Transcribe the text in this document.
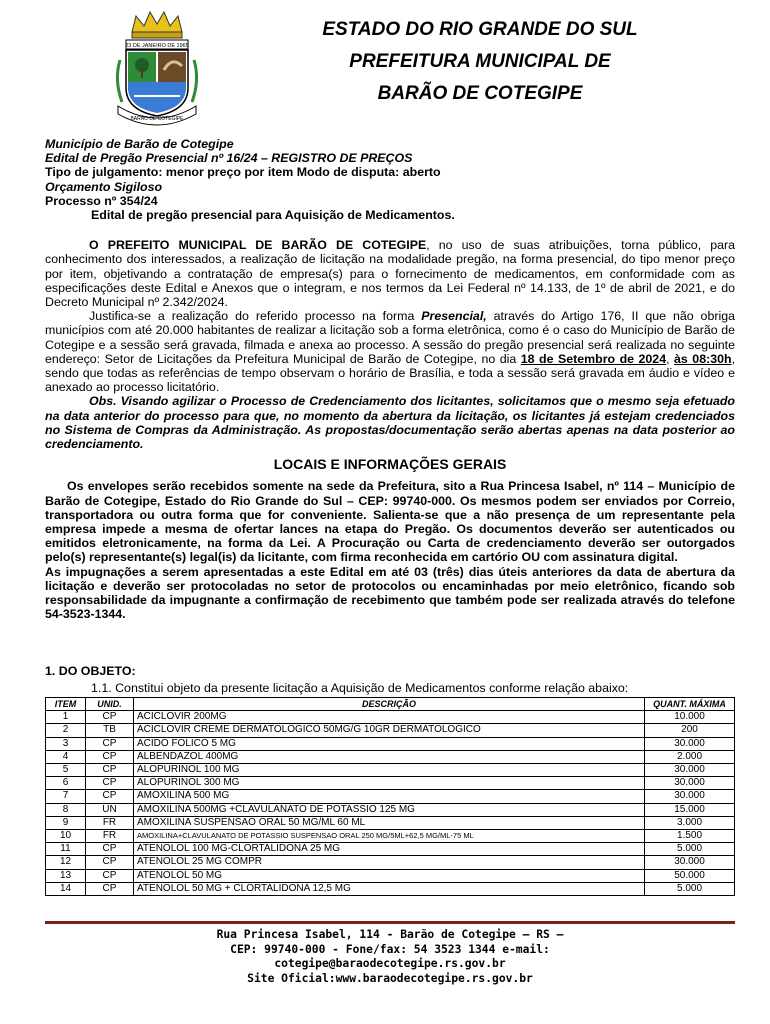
23 DE JANEIRO DE 1965
BARÃO DE COTEGIPE
ESTADO DO RIO GRANDE DO SUL
PREFEITURA MUNICIPAL DE
BARÃO DE COTEGIPE
Município de Barão de Cotegipe
Edital de Pregão Presencial nº 16/24 – REGISTRO DE PREÇOS
Tipo de julgamento: menor preço por item Modo de disputa: aberto
Orçamento Sigiloso
Processo nº 354/24
Edital de pregão presencial para Aquisição de Medicamentos.

O PREFEITO MUNICIPAL DE BARÃO DE COTEGIPE, no uso de suas atribuições, torna público, para conhecimento dos interessados, a realização de licitação na modalidade pregão, na forma presencial, do tipo menor preço por item, objetivando a contratação de empresa(s) para o fornecimento de medicamentos, em conformidade com as especificações deste Edital e Anexos que o integram, e nos termos da Lei Federal nº 14.133, de 1º de abril de 2021, e do Decreto Municipal nº 2.342/2024.

Justifica-se a realização do referido processo na forma Presencial, através do Artigo 176, II que não obriga municípios com até 20.000 habitantes de realizar a licitação sob a forma eletrônica, como é o caso do Município de Barão de Cotegipe e a sessão será gravada, filmada e anexa ao processo. A sessão do pregão presencial será realizada no seguinte endereço: Setor de Licitações da Prefeitura Municipal de Barão de Cotegipe, no dia 18 de Setembro de 2024, às 08:30h, sendo que todas as referências de tempo observam o horário de Brasília, e toda a sessão será gravada em áudio e vídeo e anexado ao processo licitatório.

Obs. Visando agilizar o Processo de Credenciamento dos licitantes, solicitamos que o mesmo seja efetuado na data anterior do processo para que, no momento da abertura da licitação, os licitantes já estejam credenciados no Sistema de Compras da Administração. As propostas/documentação serão abertas apenas na data posterior ao credenciamento.

LOCAIS E INFORMAÇÕES GERAIS

Os envelopes serão recebidos somente na sede da Prefeitura, sito a Rua Princesa Isabel, nº 114 – Município de Barão de Cotegipe, Estado do Rio Grande do Sul – CEP: 99740-000. Os mesmos podem ser enviados por Correio, transportadora ou outra forma que for conveniente. Salienta-se que a não presença de um representante pela empresa impede a mesma de ofertar lances na etapa do Pregão. Os documentos deverão ser autenticados ou emitidos eletronicamente, na forma da Lei. A Procuração ou Carta de credenciamento deverão ser outorgados pelo(s) representante(s) legal(is) da licitante, com firma reconhecida em cartório OU com assinatura digital.

As impugnações a serem apresentadas a este Edital em até 03 (três) dias úteis anteriores da data de abertura da licitação e deverão ser protocoladas no setor de protocolos ou encaminhadas por meio eletrônico, ficando sob responsabilidade da impugnante a confirmação de recebimento que também pode ser realizada através do telefone 54-3523-1344.

1. DO OBJETO:
1.1. Constitui objeto da presente licitação a Aquisição de Medicamentos conforme relação abaixo:
ITEM	UNID.	DESCRIÇÃO	QUANT. MÁXIMA
1	CP	ACICLOVIR 200MG	10.000
2	TB	ACICLOVIR CREME DERMATOLOGICO 50MG/G 10GR DERMATOLOGICO	200
3	CP	ACIDO FOLICO 5 MG	30.000
4	CP	ALBENDAZOL 400MG	2.000
5	CP	ALOPURINOL 100 MG	30.000
6	CP	ALOPURINOL 300 MG	30.000
7	CP	AMOXILINA 500 MG	30.000
8	UN	AMOXILINA 500MG +CLAVULANATO DE POTASSIO 125 MG	15.000
9	FR	AMOXILINA SUSPENSAO ORAL 50 MG/ML 60 ML	3.000
10	FR	AMOXILINA+CLAVULANATO DE POTASSIO SUSPENSAO ORAL 250 MG/5ML+62,5 MG/ML-75 ML	1.500
11	CP	ATENOLOL 100 MG-CLORTALIDONA 25 MG	5.000
12	CP	ATENOLOL 25 MG COMPR	30.000
13	CP	ATENOLOL 50 MG	50.000
14	CP	ATENOLOL 50 MG + CLORTALIDONA 12,5 MG	5.000
Rua Princesa Isabel, 114 - Barão de Cotegipe – RS –
CEP: 99740-000 - Fone/fax: 54 3523 1344 e-mail:
cotegipe@baraodecotegipe.rs.gov.br
Site Oficial:www.baraodecotegipe.rs.gov.br
